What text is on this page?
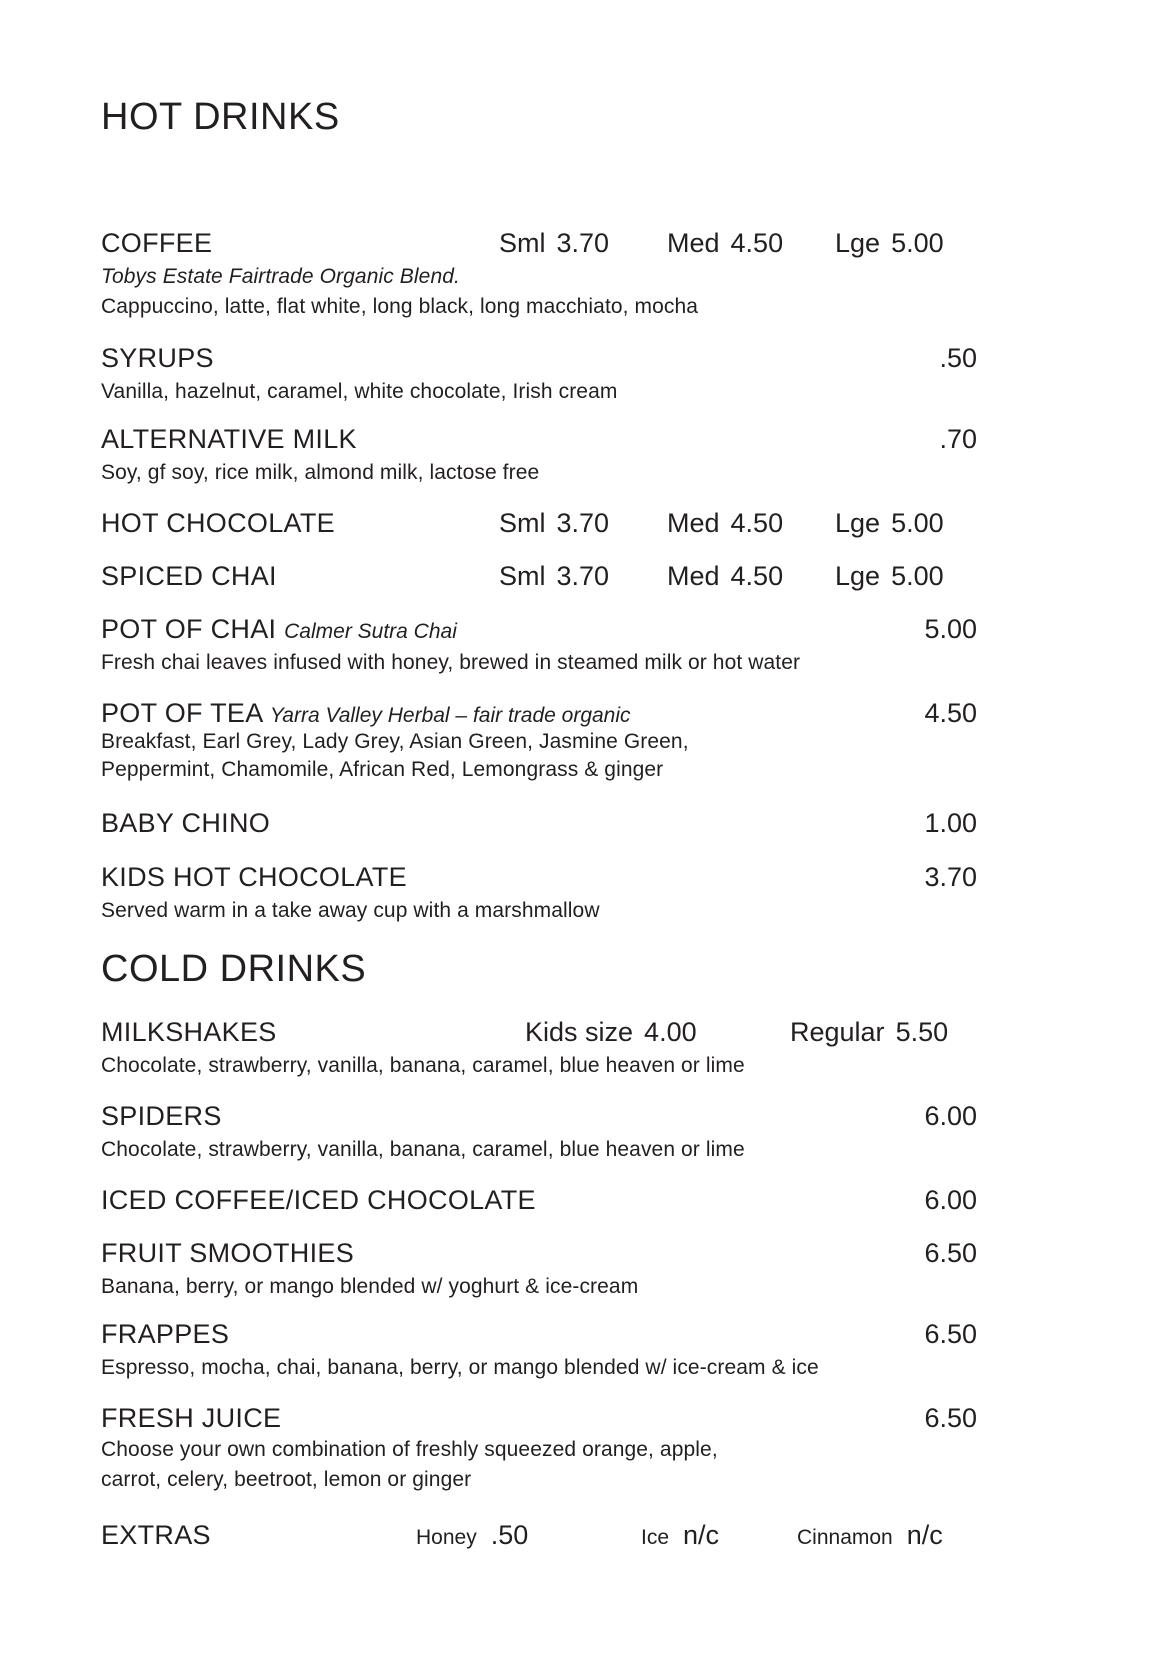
HOT DRINKS
COFFEE	Sml 3.70 Med 4.50 Lge 5.00
Tobys Estate Fairtrade Organic Blend.
Cappuccino, latte, flat white, long black, long macchiato, mocha
SYRUPS	.50
Vanilla, hazelnut, caramel, white chocolate, Irish cream
ALTERNATIVE MILK	.70
Soy, gf soy, rice milk, almond milk, lactose free
HOT CHOCOLATE	Sml 3.70 Med 4.50 Lge 5.00
SPICED CHAI	Sml 3.70 Med 4.50 Lge 5.00
POT OF CHAI Calmer Sutra Chai	5.00
Fresh chai leaves infused with honey, brewed in steamed milk or hot water
POT OF TEA Yarra Valley Herbal – fair trade organic	4.50
Breakfast, Earl Grey, Lady Grey, Asian Green, Jasmine Green,
Peppermint, Chamomile, African Red, Lemongrass & ginger
BABY CHINO	1.00
KIDS HOT CHOCOLATE	3.70
Served warm in a take away cup with a marshmallow
COLD DRINKS
MILKSHAKES	Kids size 4.00	Regular 5.50
Chocolate, strawberry, vanilla, banana, caramel, blue heaven or lime
SPIDERS	6.00
Chocolate, strawberry, vanilla, banana, caramel, blue heaven or lime
ICED COFFEE/ICED CHOCOLATE	6.00
FRUIT SMOOTHIES	6.50
Banana, berry, or mango blended w/ yoghurt & ice-cream
FRAPPES	6.50
Espresso, mocha, chai, banana, berry, or mango blended w/ ice-cream & ice
FRESH JUICE	6.50
Choose your own combination of freshly squeezed orange, apple,
carrot, celery, beetroot, lemon or ginger
EXTRAS	Honey .50	Ice n/c	Cinnamon n/c
